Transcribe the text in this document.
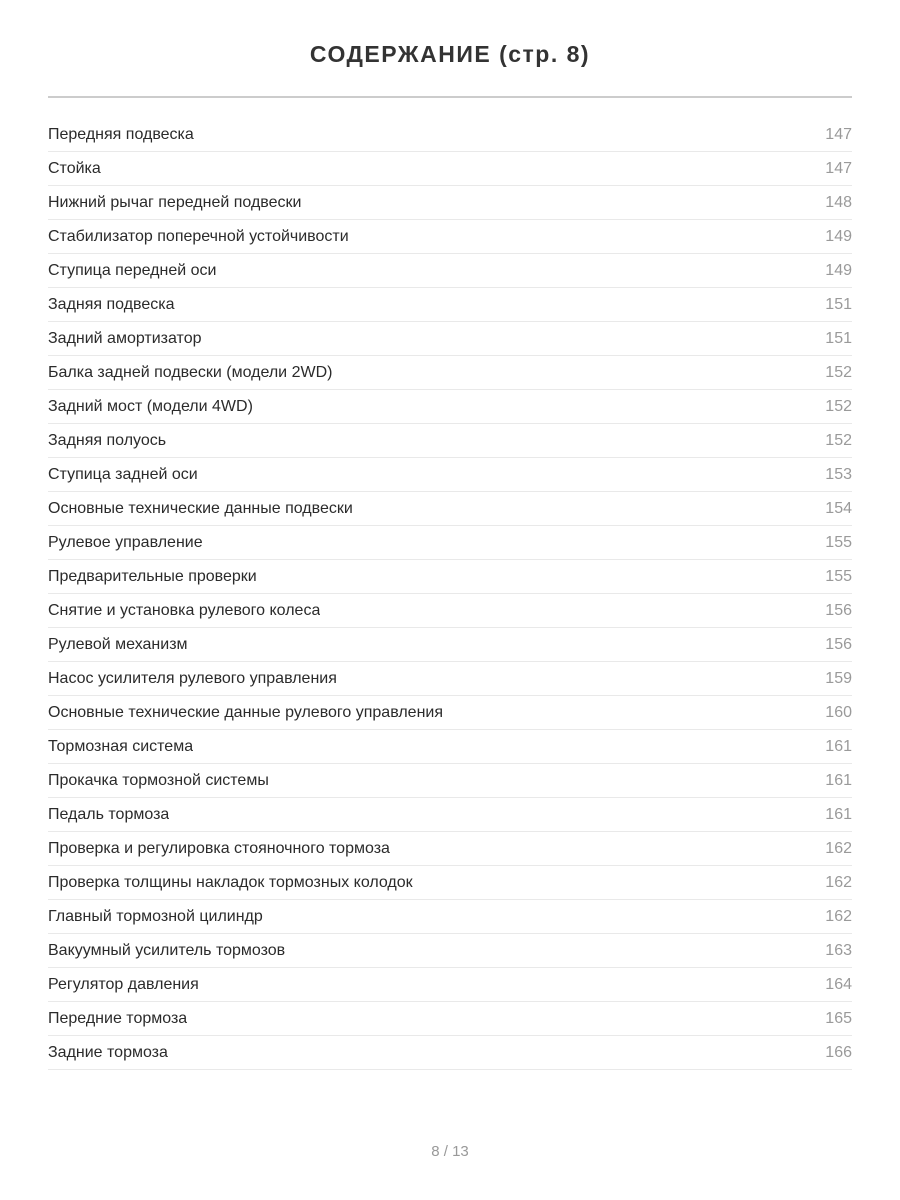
СОДЕРЖАНИЕ (стр. 8)
Передняя подвеска	147
Стойка	147
Нижний рычаг передней подвески	148
Стабилизатор поперечной устойчивости	149
Ступица передней оси	149
Задняя подвеска	151
Задний амортизатор	151
Балка задней подвески (модели 2WD)	152
Задний мост (модели 4WD)	152
Задняя полуось	152
Ступица задней оси	153
Основные технические данные подвески	154
Рулевое управление	155
Предварительные проверки	155
Снятие и установка рулевого колеса	156
Рулевой механизм	156
Насос усилителя рулевого управления	159
Основные технические данные рулевого управления	160
Тормозная система	161
Прокачка тормозной системы	161
Педаль тормоза	161
Проверка и регулировка стояночного тормоза	162
Проверка толщины накладок тормозных колодок	162
Главный тормозной цилиндр	162
Вакуумный усилитель тормозов	163
Регулятор давления	164
Передние тормоза	165
Задние тормоза	166
8 / 13
